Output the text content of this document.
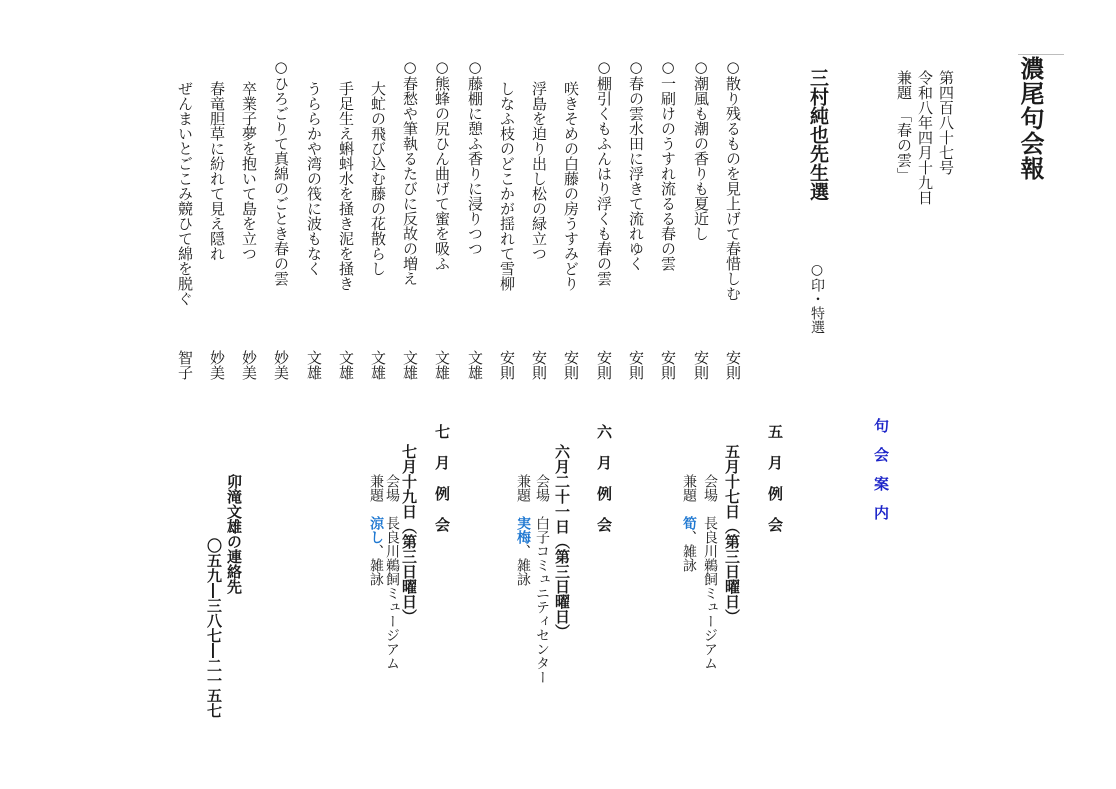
濃尾句会報
第四百八十七号
令和八年四月十九日
兼題　「春の雲」
三村純也先生選
○印・特選
○散り残るものを見上げて春惜しむ
○潮風も潮の香りも夏近し
○一刷けのうすれ流るる春の雲
○春の雲水田に浮きて流れゆく
○棚引くもふんはり浮くも春の雲
咲きそめの白藤の房うすみどり
浮島を迫り出し松の緑立つ
しなふ枝のどこかが揺れて雪柳
○藤棚に憩ふ香りに浸りつつ
○熊蜂の尻ひん曲げて蜜を吸ふ
○春愁や筆執るたびに反故の増え
大虻の飛び込む藤の花散らし
手足生え蝌蚪水を掻き泥を掻き
うららかや湾の筏に波もなく
○ひろごりて真綿のごとき春の雲
卒業子夢を抱いて島を立つ
春竜胆草に紛れて見え隠れ
ぜんまいとごこみ競ひて綿を脱ぐ
安則
安則
安則
安則
安則
安則
安則
安則
文雄
文雄
文雄
文雄
文雄
文雄
妙美
妙美
妙美
智子
句会案内
五月例会
五月十七日（第三日曜日）
会場　長良川鵜飼ミュージアム
兼題　筍、雑詠
六月例会
六月二十一日（第三日曜日）
会場　白子コミュニティセンター
兼題　実梅、雑詠
七月例会
七月十九日（第三日曜日）
会場　長良川鵜飼ミュージアム
兼題　涼し、雑詠
卯滝文雄の連絡先
〇五九―三八七―二一五七
